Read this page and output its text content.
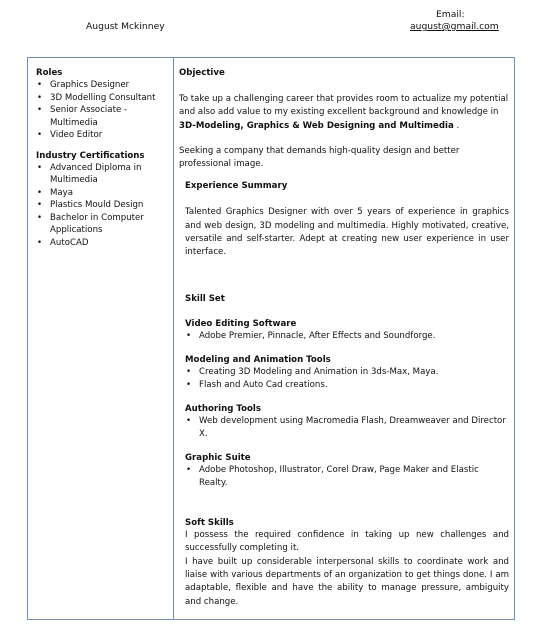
August Mckinney
Email:
august@gmail.com
Roles
• Graphics Designer
• 3D Modelling Consultant
• Senior Associate - Multimedia
• Video Editor
Industry Certifications
• Advanced Diploma in Multimedia
• Maya
• Plastics Mould Design
• Bachelor in Computer Applications
• AutoCAD
Objective
To take up a challenging career that provides room to actualize my potential and also add value to my existing excellent background and knowledge in 3D-Modeling, Graphics & Web Designing and Multimedia .
Seeking a company that demands high-quality design and better professional image.
Experience Summary
Talented Graphics Designer with over 5 years of experience in graphics and web design, 3D modeling and multimedia. Highly motivated, creative, versatile and self-starter. Adept at creating new user experience in user interface.
Skill Set
Video Editing Software
• Adobe Premier, Pinnacle, After Effects and Soundforge.
Modeling and Animation Tools
• Creating 3D Modeling and Animation in 3ds-Max, Maya.
• Flash and Auto Cad creations.
Authoring Tools
• Web development using Macromedia Flash, Dreamweaver and Director X.
Graphic Suite
• Adobe Photoshop, Illustrator, Corel Draw, Page Maker and Elastic Realty.
Soft Skills
I possess the required confidence in taking up new challenges and successfully completing it.
I have built up considerable interpersonal skills to coordinate work and liaise with various departments of an organization to get things done. I am adaptable, flexible and have the ability to manage pressure, ambiguity and change.
